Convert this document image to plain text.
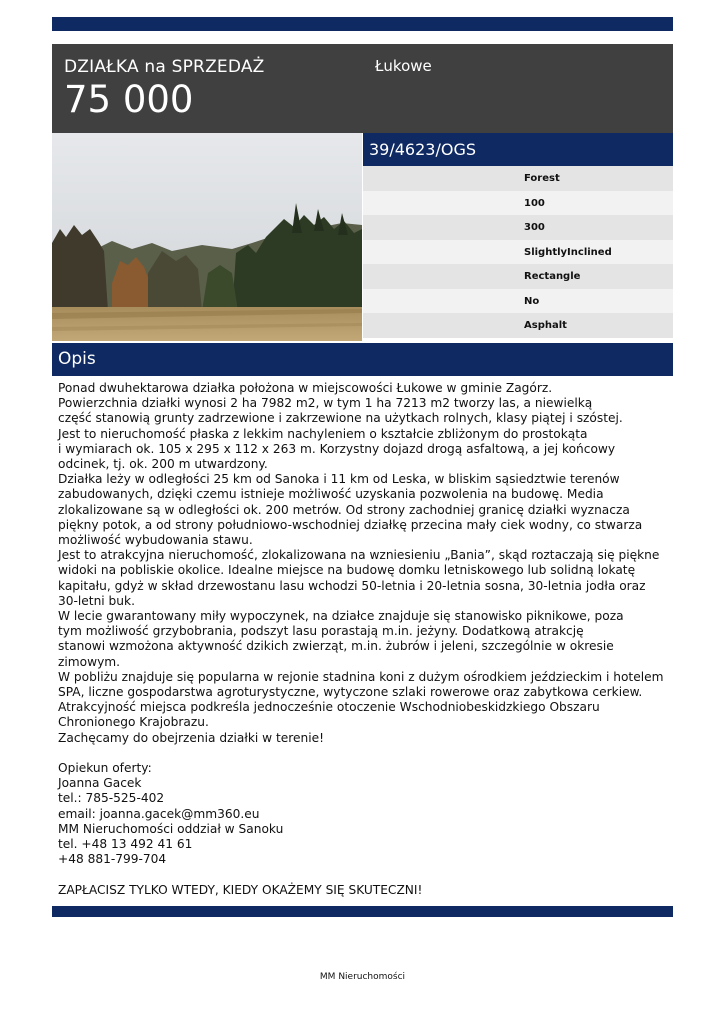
DZIAŁKA na SPRZEDAŻ
75 000
Łukowe
39/4623/OGS
Forest
100
300
SlightlyInclined
Rectangle
No
Asphalt
Opis
Ponad dwuhektarowa działka położona w miejscowości Łukowe w gminie Zagórz.
Powierzchnia działki wynosi 2 ha 7982 m2, w tym 1 ha 7213 m2 tworzy las, a niewielką
część stanowią grunty zadrzewione i zakrzewione na użytkach rolnych, klasy piątej i szóstej.
Jest to nieruchomość płaska z lekkim nachyleniem o kształcie zbliżonym do prostokąta
i wymiarach ok. 105 x 295 x 112 x 263 m. Korzystny dojazd drogą asfaltową, a jej końcowy
odcinek, tj. ok. 200 m utwardzony.
Działka leży w odległości 25 km od Sanoka i 11 km od Leska, w bliskim sąsiedztwie terenów
zabudowanych, dzięki czemu istnieje możliwość uzyskania pozwolenia na budowę. Media
zlokalizowane są w odległości ok. 200 metrów. Od strony zachodniej granicę działki wyznacza
piękny potok, a od strony południowo-wschodniej działkę przecina mały ciek wodny, co stwarza
możliwość wybudowania stawu.
Jest to atrakcyjna nieruchomość, zlokalizowana na wzniesieniu „Bania”, skąd roztaczają się piękne
widoki na pobliskie okolice. Idealne miejsce na budowę domku letniskowego lub solidną lokatę
kapitału, gdyż w skład drzewostanu lasu wchodzi 50-letnia i 20-letnia sosna, 30-letnia jodła oraz
30-letni buk.
W lecie gwarantowany miły wypoczynek, na działce znajduje się stanowisko piknikowe, poza
tym możliwość grzybobrania, podszyt lasu porastają m.in. jeżyny. Dodatkową atrakcję
stanowi wzmożona aktywność dzikich zwierząt, m.in. żubrów i jeleni, szczególnie w okresie
zimowym.
W pobliżu znajduje się popularna w rejonie stadnina koni z dużym ośrodkiem jeździeckim i hotelem
SPA, liczne gospodarstwa agroturystyczne, wytyczone szlaki rowerowe oraz zabytkowa cerkiew.
Atrakcyjność miejsca podkreśla jednocześnie otoczenie Wschodniobeskidzkiego Obszaru
Chronionego Krajobrazu.
Zachęcamy do obejrzenia działki w terenie!
Opiekun oferty:
Joanna Gacek
tel.: 785-525-402
email: joanna.gacek@mm360.eu
MM Nieruchomości oddział w Sanoku
tel. +48 13 492 41 61
+48 881-799-704
ZAPŁACISZ TYLKO WTEDY, KIEDY OKAŻEMY SIĘ SKUTECZNI!
MM Nieruchomości
